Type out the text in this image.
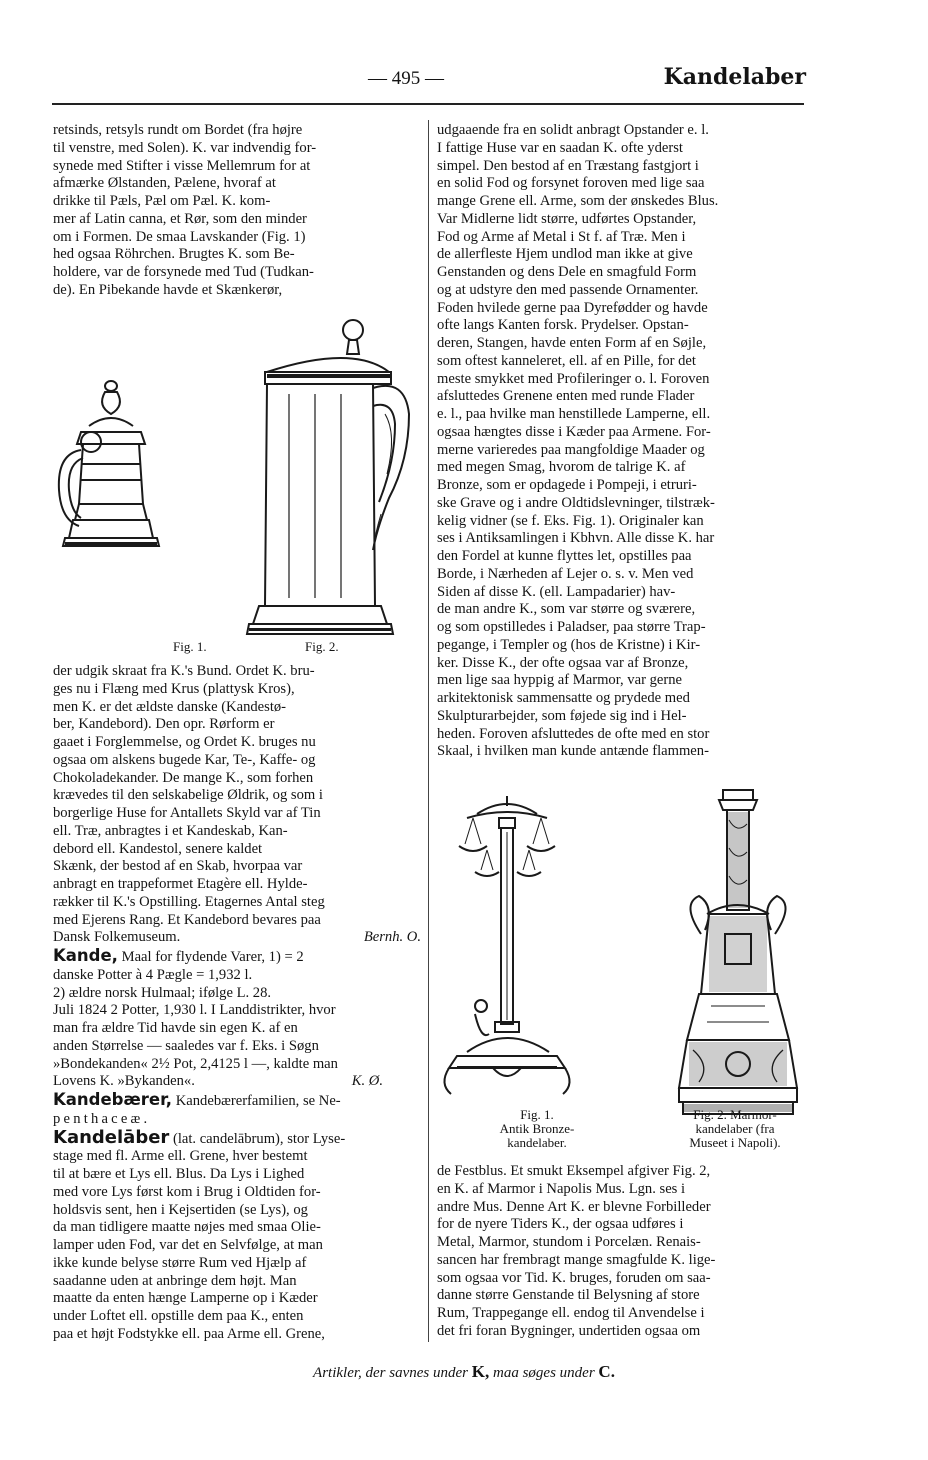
— 495 —	Kandelaber

retsinds, retsyls rundt om Bordet (fra højre

til venstre, med Solen). K. var indvendig for-

synede med Stifter i visse Mellemrum for at

afmærke Ølstanden, Pælene, hvoraf at

drikke til Pæls, Pæl om Pæl. K. kom-

mer af Latin canna, et Rør, som den minder

om i Formen. De smaa Lavskander (Fig. 1)

hed ogsaa Röhrchen. Brugtes K. som Be-

holdere, var de forsynede med Tud (Tudkan-

de). En Pibekande havde et Skænkerør,

Fig. 1.	Fig. 2.

der udgik skraat fra K.'s Bund. Ordet K. bru-

ges nu i Flæng med Krus (plattysk Kros),

men K. er det ældste danske (Kandestø-

ber, Kandebord). Den opr. Rørform er

gaaet i Forglemmelse, og Ordet K. bruges nu

ogsaa om alskens bugede Kar, Te-, Kaffe- og

Chokoladekander. De mange K., som forhen

krævedes til den selskabelige Øldrik, og som i

borgerlige Huse for Antallets Skyld var af Tin

ell. Træ, anbragtes i et Kandeskab, Kan-

debord ell. Kandestol, senere kaldet

Skænk, der bestod af en Skab, hvorpaa var

anbragt en trappeformet Etagère ell. Hylde-

rækker til K.'s Opstilling. Etagernes Antal steg

med Ejerens Rang. Et Kandebord bevares paa

Dansk Folkemuseum.	Bernh. O.

Kande, Maal for flydende Varer, 1) = 2

danske Potter à 4 Pægle = 1,932 l.

2) ældre norsk Hulmaal; ifølge L. 28.

Juli 1824 2 Potter, 1,930 l. I Landdistrikter, hvor

man fra ældre Tid havde sin egen K. af en

anden Størrelse — saaledes var f. Eks. i Søgn

»Bondekanden« 2½ Pot, 2,4125 l —, kaldte man

Lovens K. »Bykanden«.	K. Ø.

Kandebærer, Kandebærerfamilien, se Ne-

penthaceæ.

Kandelāber (lat. candelābrum), stor Lyse-

stage med fl. Arme ell. Grene, hver bestemt

til at bære et Lys ell. Blus. Da Lys i Lighed

med vore Lys først kom i Brug i Oldtiden for-

holdsvis sent, hen i Kejsertiden (se Lys), og

da man tidligere maatte nøjes med smaa Olie-

lamper uden Fod, var det en Selvfølge, at man

ikke kunde belyse større Rum ved Hjælp af

saadanne uden at anbringe dem højt. Man

maatte da enten hænge Lamperne op i Kæder

under Loftet ell. opstille dem paa K., enten

paa et højt Fodstykke ell. paa Arme ell. Grene,

udgaaende fra en solidt anbragt Opstander e. l.

I fattige Huse var en saadan K. ofte yderst

simpel. Den bestod af en Træstang fastgjort i

en solid Fod og forsynet foroven med lige saa

mange Grene ell. Arme, som der ønskedes Blus.

Var Midlerne lidt større, udførtes Opstander,

Fod og Arme af Metal i St f. af Træ. Men i

de allerfleste Hjem undlod man ikke at give

Genstanden og dens Dele en smagfuld Form

og at udstyre den med passende Ornamenter.

Foden hvilede gerne paa Dyrefødder og havde

ofte langs Kanten forsk. Prydelser. Opstan-

deren, Stangen, havde enten Form af en Søjle,

som oftest kanneleret, ell. af en Pille, for det

meste smykket med Profileringer o. l. Foroven

afsluttedes Grenene enten med runde Flader

e. l., paa hvilke man henstillede Lamperne, ell.

ogsaa hængtes disse i Kæder paa Armene. For-

merne varieredes paa mangfoldige Maader og

med megen Smag, hvorom de talrige K. af

Bronze, som er opdagede i Pompeji, i etruri-

ske Grave og i andre Oldtidslevninger, tilstræk-

kelig vidner (se f. Eks. Fig. 1). Originaler kan

ses i Antiksamlingen i Kbhvn. Alle disse K. har

den Fordel at kunne flyttes let, opstilles paa

Borde, i Nærheden af Lejer o. s. v. Men ved

Siden af disse K. (ell. Lampadarier) hav-

de man andre K., som var større og sværere,

og som opstilledes i Paladser, paa større Trap-

pegange, i Templer og (hos de Kristne) i Kir-

ker. Disse K., der ofte ogsaa var af Bronze,

men lige saa hyppig af Marmor, var gerne

arkitektonisk sammensatte og prydede med

Skulpturarbejder, som føjede sig ind i Hel-

heden. Foroven afsluttedes de ofte med en stor

Skaal, i hvilken man kunde antænde flammen-

Fig. 1.
Antik Bronze-
kandelaber.
Fig. 2. Marmor-
kandelaber (fra
Museet i Napoli).

de Festblus. Et smukt Eksempel afgiver Fig. 2,

en K. af Marmor i Napolis Mus. Lgn. ses i

andre Mus. Denne Art K. er blevne Forbilleder

for de nyere Tiders K., der ogsaa udføres i

Metal, Marmor, stundom i Porcelæn. Renais-

sancen har frembragt mange smagfulde K. lige-

som ogsaa vor Tid. K. bruges, foruden om saa-

danne større Genstande til Belysning af store

Rum, Trappegange ell. endog til Anvendelse i

det fri foran Bygninger, undertiden ogsaa om

Artikler, der savnes under K, maa søges under C.
